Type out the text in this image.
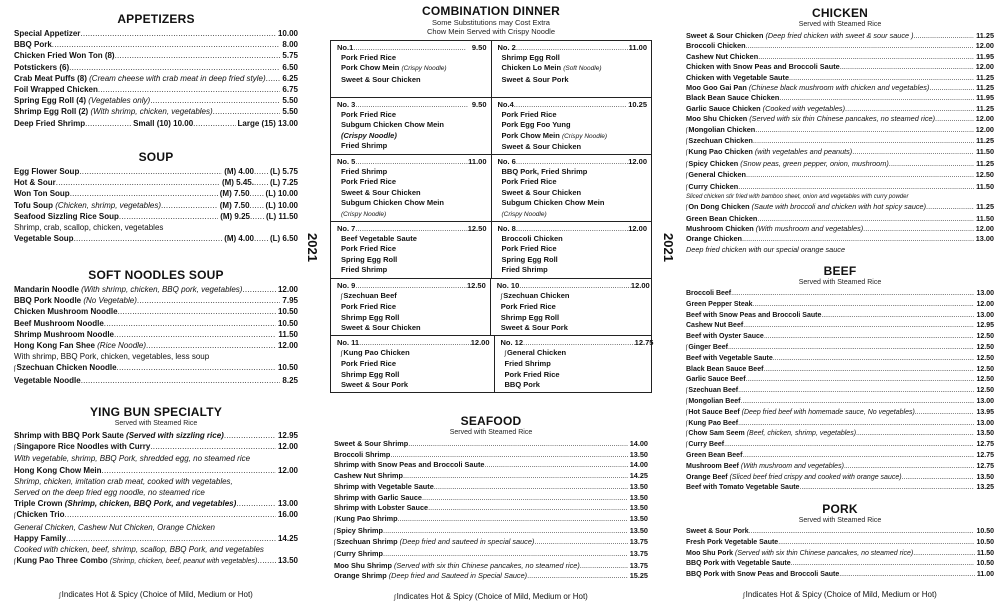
APPETIZERS
Special Appetizer . . .	10.00
BBQ Pork . . .	8.00
Chicken Fried Won Ton (8) . . .	5.75
Potstickers (6) . . .	6.50
Crab Meat Puffs (8) (Cream cheese with crab meat in deep fried style) . . . 6.25
Foil Wrapped Chicken . . .	6.75
Spring Egg Roll (4) (Vegetables only) . . .	5.50
Shrimp Egg Roll (2) (With shrimp, chicken, vegetables) . . .	5.50
Deep Fried Shrimp . . .	Small (10) 10.00 . . .	Large (15) 13.00
SOUP
Egg Flower Soup . . .	(M) 4.00 . . . (L) 5.75
Hot & Sour . . .	(M) 5.45. . . . (L) 7.25
Won Ton Soup . . .	(M) 7.50 . . . (L) 10.00
Tofu Soup (Chicken, shrimp, vegetables) . . .	(M) 7.50 . . . (L) 10.00
Seafood Sizzling Rice Soup . . .	(M) 9.25 . . . (L) 11.50
Shrimp, crab, scallop, chicken, vegetables
Vegetable Soup . . .	(M) 4.00 . . . (L) 6.50
SOFT NOODLES SOUP
Mandarin Noodle (With shrimp, chicken, BBQ pork, vegetables) . . .	12.00
BBQ Pork Noodle (No Vegetable) . . .	7.95
Chicken Mushroom Noodle . . .	10.50
Beef Mushroom Noodle . . .	10.50
Shrimp Mushroom Noodle . . .	11.50
Hong Kong Fan Shee (Rice Noodle) . . .	12.00
With shrimp, BBQ Pork, chicken, vegetables, less soup
ʃSzechuan Chicken Noodle . . .	10.50
Vegetable Noodle . . .	8.25
YING BUN SPECIALTY
Served with Steamed Rice
Shrimp with BBQ Pork Saute (Served with sizzling rice) . . .	12.95
ʃSingapore Rice Noodles with Curry . . .	12.00
With vegetable, shrimp, BBQ Pork, shredded egg, no steamed rice
Hong Kong Chow Mein . . .	12.00
Shrimp, chicken, imitation crab meat, cooked with vegetables,
Served on the deep fried egg noodle, no steamed rice
Triple Crown (Shrimp, chicken, BBQ Pork, and vegetables) . . .	13.00
ʃChicken Trio . . .	16.00
General Chicken, Cashew Nut Chicken, Orange Chicken
Happy Family . . .	14.25
Cooked with chicken, beef, shrimp, scallop, BBQ Pork, and vegetables
ʃKung Pao Three Combo (Shrimp, chicken, beef, peanut with vegetables) . . .	13.50
ʃIndicates Hot & Spicy (Choice of Mild, Medium or Hot)
2021
COMBINATION DINNER
Some Substitutions may Cost Extra
Chow Mein Served with Crispy Noodle
No.1 . . .	9.50
Pork Fried Rice
Pork Chow Mein (Crispy Noodle)
Sweet & Sour Chicken
No. 2 . . .	11.00
Shrimp Egg Roll
Chicken Lo Mein (Soft Noodle)
Sweet & Sour Pork
No. 3 . . .	9.50
Pork Fried Rice
Subgum Chicken Chow Mein
(Crispy Noodle)
Fried Shrimp
No.4 . . .	10.25
Pork Fried Rice
Pork Egg Foo Yung
Pork Chow Mein (Crispy Noodle)
Sweet & Sour Chicken
No. 5 . . .	11.00
Fried Shrimp
Pork Fried Rice
Sweet & Sour Chicken
Subgum Chicken Chow Mein
(Crispy Noodle)
No. 6 . . .	12.00
BBQ Pork, Fried Shrimp
Pork Fried Rice
Sweet & Sour Chicken
Subgum Chicken Chow Mein
(Crispy Noodle)
No. 7 . . .	12.50
Beef Vegetable Saute
Pork Fried Rice
Spring Egg Roll
Fried Shrimp
No. 8 . . .	12.00
Broccoli Chicken
Pork Fried Rice
Spring Egg Roll
Fried Shrimp
No. 9 . . .	12.50
ʃSzechuan Beef
Pork Fried Rice
Shrimp Egg Roll
Sweet & Sour Chicken
No. 10 . . .	12.00
ʃSzechuan Chicken
Pork Fried Rice
Shrimp Egg Roll
Sweet & Sour Pork
No. 11 . . .	12.00
ʃKung Pao Chicken
Pork Fried Rice
Shrimp Egg Roll
Sweet & Sour Pork
No. 12 . . .	12.75
ʃGeneral Chicken
Fried Shrimp
Pork Fried Rice
BBQ Pork
SEAFOOD
Served with Steamed Rice
Sweet & Sour Shrimp . . .	14.00
Broccoli Shrimp . . .	13.50
Shrimp with Snow Peas and Broccoli Saute . . .	14.00
Cashew Nut Shrimp . . .	14.25
Shrimp with Vegetable Saute . . .	13.50
Shrimp with Garlic Sauce . . .	13.50
Shrimp with Lobster Sauce . . .	13.50
ʃKung Pao Shrimp . . .	13.50
ʃSpicy Shrimp . . .	13.50
ʃSzechuan Shrimp (Deep fried and sauteed in special sauce) . . .	13.75
ʃCurry Shrimp . . .	13.75
Moo Shu Shrimp (Served with six thin Chinese pancakes, no steamed rice) . . .	13.75
Orange Shrimp (Deep fried and Sauteed in Special Sauce) . . .	15.25
ʃIndicates Hot & Spicy (Choice of Mild, Medium or Hot)
2021
CHICKEN
Served with Steamed Rice
Sweet & Sour Chicken (Deep fried chicken with sweet & sour sauce ) . . .	11.25
Broccoli Chicken . . .	12.00
Cashew Nut Chicken . . .	11.95
Chicken with Snow Peas and Broccoli Saute . . .	12.00
Chicken with Vegetable Saute . . .	11.25
Moo Goo Gai Pan (Chinese black mushroom with chicken and vegetables) . . .	11.25
Black Bean Sauce Chicken . . .	11.95
Garlic Sauce Chicken (Cooked with vegetables) . . .	11.25
Moo Shu Chicken (Served with six thin Chinese pancakes, no steamed rice) . . .	12.00
ʃMongolian Chicken . . .	12.00
ʃSzechuan Chicken . . .	11.25
ʃKung Pao Chicken (with vegetables and peanuts) . . .	11.50
ʃSpicy Chicken (Snow peas, green pepper, onion, mushroom) . . .	11.25
ʃGeneral Chicken . . .	12.50
ʃCurry Chicken . . .	11.50
Sliced chicken stir fried with bamboo sheet, onion and vegetables with curry powder
ʃOn Dong Chicken (Saute with broccoli and chicken with hot spicy sauce) . . .	11.25
Green Bean Chicken . . .	11.50
Mushroom Chicken (With mushroom and vegetables) . . .	12.00
Orange Chicken . . .	13.00
Deep fried chicken with our special orange sauce
BEEF
Served with Steamed Rice
Broccoli Beef . . .	13.00
Green Pepper Steak . . .	12.00
Beef with Snow Peas and Broccoli Saute . . .	13.00
Cashew Nut Beef . . .	12.95
Beef with Oyster Sauce . . .	12.50
ʃGinger Beef . . .	12.50
Beef with Vegetable Saute . . .	12.50
Black Bean Sauce Beef . . .	12.50
Garlic Sauce Beef . . .	12.50
ʃSzechuan Beef . . .	12.50
ʃMongolian Beef . . .	13.00
ʃHot Sauce Beef (Deep fried beef with homemade sauce, No vegetables) . . .	13.95
ʃKung Pao Beef . . .	13.00
ʃChow Sam Seem (Beef, chicken, shrimp, vegetables) . . .	13.50
ʃCurry Beef . . .	12.75
Green Bean Beef . . .	12.75
Mushroom Beef (With mushroom and vegetables) . . .	12.75
Orange Beef (Sliced beef fried crispy and cooked with orange sauce) . . .	13.50
Beef with Tomato Vegetable Saute . . .	13.25
PORK
Served with Steamed Rice
Sweet & Sour Pork . . .	10.50
Fresh Pork Vegetable Saute . . .	10.50
Moo Shu Pork (Served with six thin Chinese pancakes, no steamed rice) . . .	11.50
BBQ Pork with Vegetable Saute . . .	10.50
BBQ Pork with Snow Peas and Broccoli Saute . . .	11.00
ʃIndicates Hot & Spicy (Choice of Mild, Medium or Hot)
